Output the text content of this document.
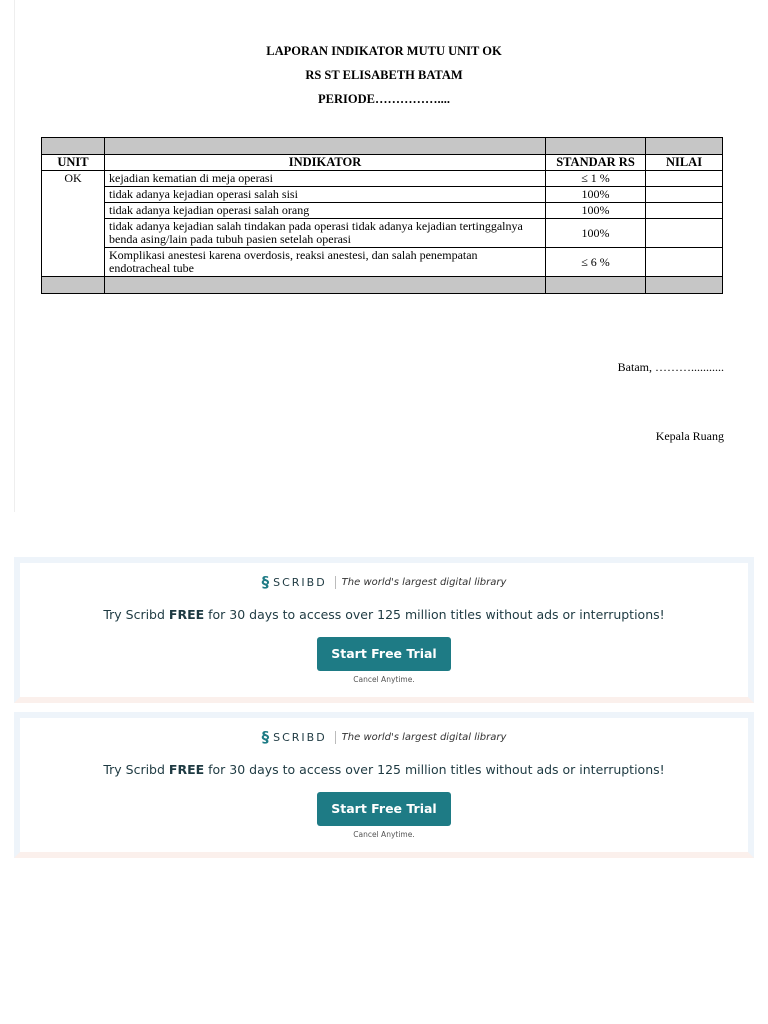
LAPORAN INDIKATOR MUTU UNIT OK
RS ST ELISABETH BATAM
PERIODE……………....

UNIT	INDIKATOR	STANDAR RS	NILAI
OK	kejadian kematian di meja operasi	≤ 1 %	
	tidak adanya kejadian operasi salah sisi	100%	
	tidak adanya kejadian operasi salah orang	100%	
	tidak adanya kejadian salah tindakan pada operasi tidak adanya kejadian tertinggalnya benda asing/lain pada tubuh pasien setelah operasi	100%	
	Komplikasi anestesi karena overdosis, reaksi anestesi, dan salah penempatan endotracheal tube	≤ 6 %	

Batam, ………...........
Kepala Ruang
§ SCRIBD The world's largest digital library
Try Scribd FREE for 30 days to access over 125 million titles without ads or interruptions!
Start Free Trial
Cancel Anytime.
§ SCRIBD The world's largest digital library
Try Scribd FREE for 30 days to access over 125 million titles without ads or interruptions!
Start Free Trial
Cancel Anytime.
